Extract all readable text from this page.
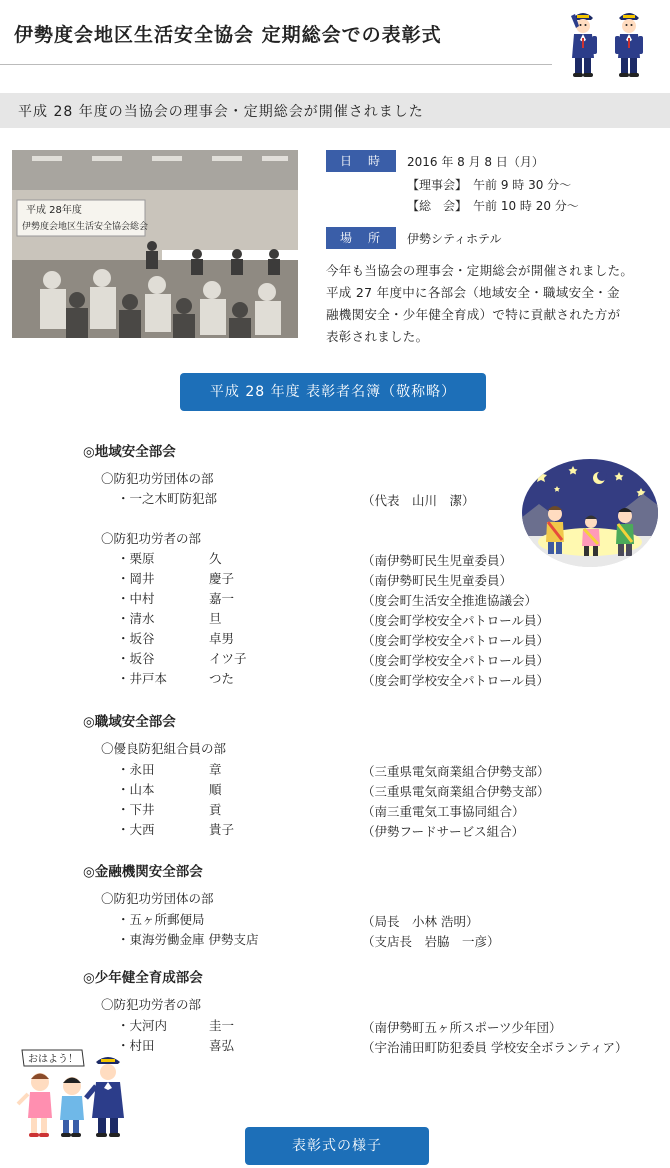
伊勢度会地区生活安全協会 定期総会での表彰式
平成 28 年度の当協会の理事会・定期総会が開催されました
平成 28年度
伊勢度会地区生活安全協会総会
日　時	2016 年 8 月 8 日（月）
【理事会】 午前 9 時 30 分～
【総　会】 午前 10 時 20 分～
場　所	伊勢シティホテル
今年も当協会の理事会・定期総会が開催されました。
平成 27 年度中に各部会（地域安全・職域安全・金
融機関安全・少年健全育成）で特に貢献された方が
表彰されました。
平成 28 年度 表彰者名簿（敬称略）
◎地域安全部会
〇防犯功労団体の部
・一之木町防犯部	（代表　山川　潔）
〇防犯功労者の部
・栗原	久	（南伊勢町民生児童委員）
・岡井	慶子	（南伊勢町民生児童委員）
・中村	嘉一	（度会町生活安全推進協議会）
・清水	旦	（度会町学校安全パトロール員）
・坂谷	卓男	（度会町学校安全パトロール員）
・坂谷	イツ子	（度会町学校安全パトロール員）
・井戸本	つた	（度会町学校安全パトロール員）
◎職域安全部会
〇優良防犯組合員の部
・永田	章	（三重県電気商業組合伊勢支部）
・山本	順	（三重県電気商業組合伊勢支部）
・下井	貢	（南三重電気工事協同組合）
・大西	貴子	（伊勢フードサービス組合）
◎金融機関安全部会
〇防犯功労団体の部
・五ヶ所郵便局	（局長　小林 浩明）
・東海労働金庫 伊勢支店	（支店長　岩脇　一彦）
◎少年健全育成部会
〇防犯功労者の部
・大河内	圭一	（南伊勢町五ヶ所スポーツ少年団）
・村田	喜弘	（宇治浦田町防犯委員 学校安全ボランティア）
おはよう！
表彰式の様子
